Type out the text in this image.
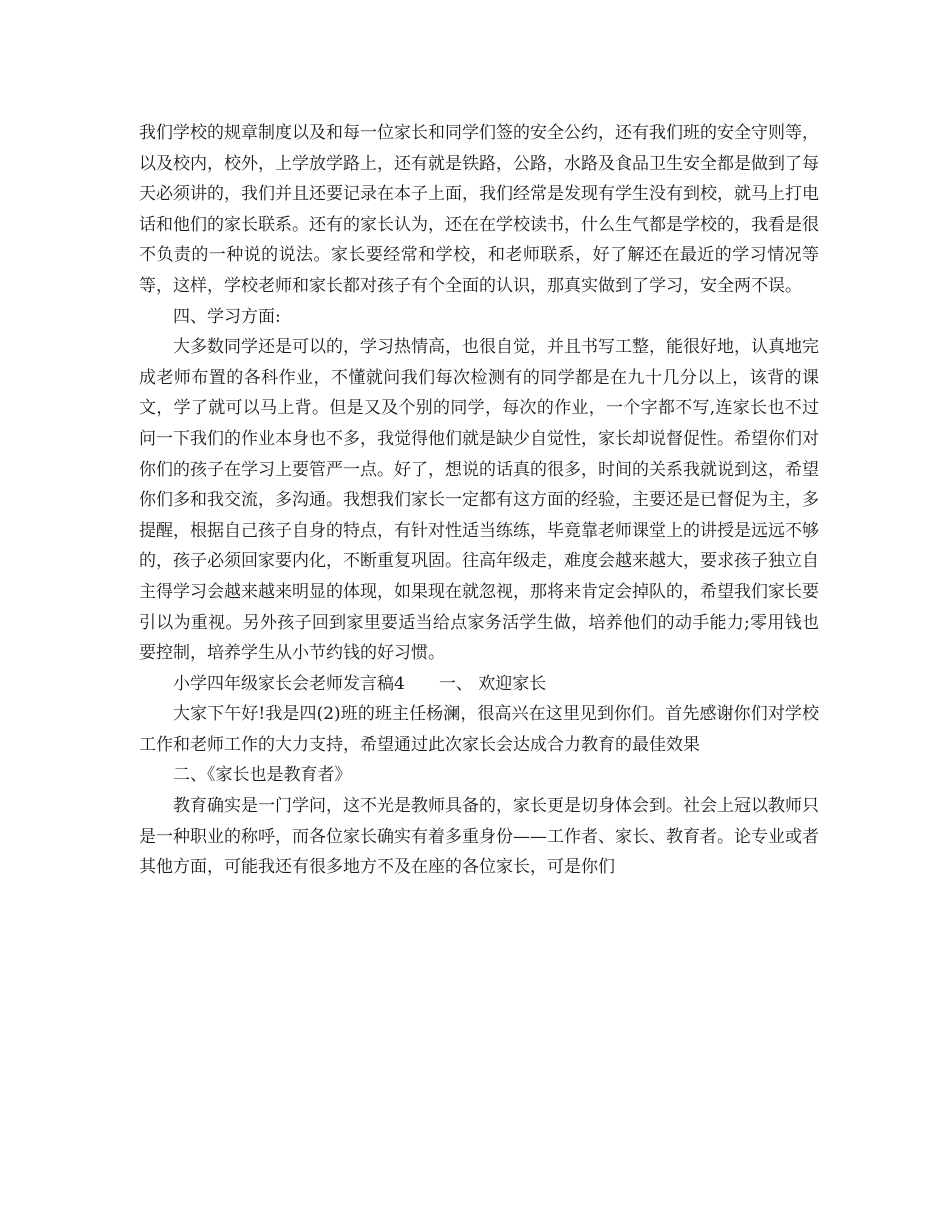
我们学校的规章制度以及和每一位家长和同学们签的安全公约，还有我们班的安全守则等，以及校内，校外，上学放学路上，还有就是铁路，公路，水路及食品卫生安全都是做到了每天必须讲的，我们并且还要记录在本子上面，我们经常是发现有学生没有到校，就马上打电话和他们的家长联系。还有的家长认为，还在在学校读书，什么生气都是学校的，我看是很不负责的一种说的说法。家长要经常和学校，和老师联系，好了解还在最近的学习情况等等，这样，学校老师和家长都对孩子有个全面的认识，那真实做到了学习，安全两不误。

四、学习方面:

大多数同学还是可以的，学习热情高，也很自觉，并且书写工整，能很好地，认真地完成老师布置的各科作业，不懂就问我们每次检测有的同学都是在九十几分以上，该背的课文，学了就可以马上背。但是又及个别的同学，每次的作业，一个字都不写,连家长也不过问一下我们的作业本身也不多，我觉得他们就是缺少自觉性，家长却说督促性。希望你们对你们的孩子在学习上要管严一点。好了，想说的话真的很多，时间的关系我就说到这，希望你们多和我交流，多沟通。我想我们家长一定都有这方面的经验，主要还是已督促为主，多提醒，根据自己孩子自身的特点，有针对性适当练练，毕竟靠老师课堂上的讲授是远远不够的，孩子必须回家要内化，不断重复巩固。往高年级走，难度会越来越大，要求孩子独立自主得学习会越来越来明显的体现，如果现在就忽视，那将来肯定会掉队的，希望我们家长要引以为重视。另外孩子回到家里要适当给点家务活学生做，培养他们的动手能力;零用钱也要控制，培养学生从小节约钱的好习惯。

小学四年级家长会老师发言稿4 一、 欢迎家长

大家下午好!我是四(2)班的班主任杨澜，很高兴在这里见到你们。首先感谢你们对学校工作和老师工作的大力支持，希望通过此次家长会达成合力教育的最佳效果

二、《家长也是教育者》

教育确实是一门学问，这不光是教师具备的，家长更是切身体会到。社会上冠以教师只是一种职业的称呼，而各位家长确实有着多重身份——工作者、家长、教育者。论专业或者其他方面，可能我还有很多地方不及在座的各位家长，可是你们
